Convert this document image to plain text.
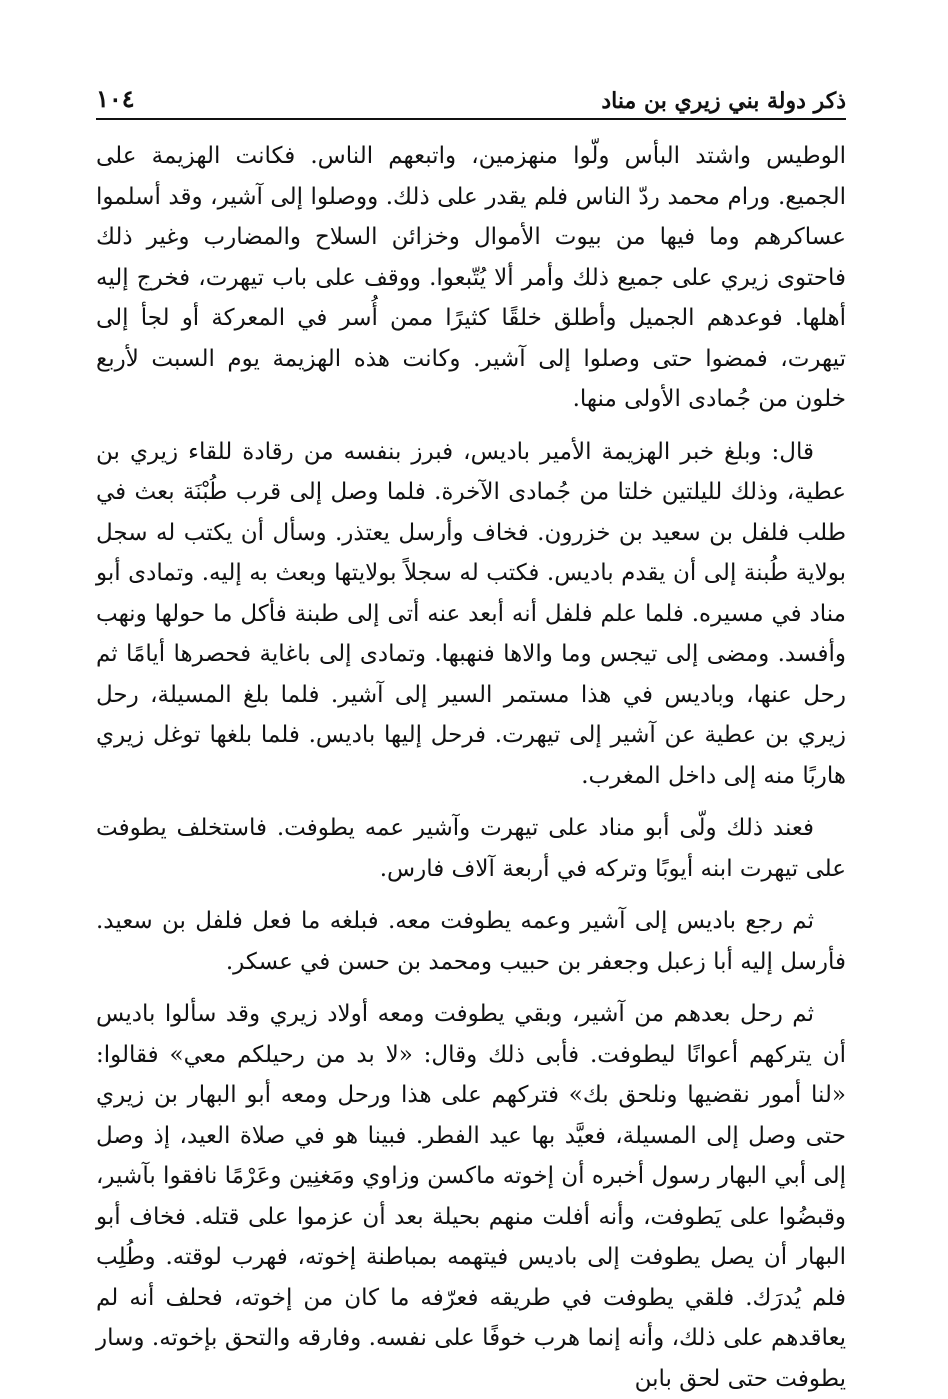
ذكر دولة بني زيري بن مناد
١٠٤

الوطيس واشتد البأس ولّوا منهزمين، واتبعهم الناس. فكانت الهزيمة على الجميع. ورام محمد ردّ الناس فلم يقدر على ذلك. ووصلوا إلى آشير، وقد أسلموا عساكرهم وما فيها من بيوت الأموال وخزائن السلاح والمضارب وغير ذلك فاحتوى زيري على جميع ذلك وأمر ألا يُتّبعوا. ووقف على باب تيهرت، فخرج إليه أهلها. فوعدهم الجميل وأطلق خلقًا كثيرًا ممن أُسر في المعركة أو لجأ إلى تيهرت، فمضوا حتى وصلوا إلى آشير. وكانت هذه الهزيمة يوم السبت لأربع خلون من جُمادى الأولى منها.

قال: وبلغ خبر الهزيمة الأمير باديس، فبرز بنفسه من رقادة للقاء زيري بن عطية، وذلك لليلتين خلتا من جُمادى الآخرة. فلما وصل إلى قرب طُبْنَة بعث في طلب فلفل بن سعيد بن خزرون. فخاف وأرسل يعتذر. وسأل أن يكتب له سجل بولاية طُبنة إلى أن يقدم باديس. فكتب له سجلاً بولايتها وبعث به إليه. وتمادى أبو مناد في مسيره. فلما علم فلفل أنه أبعد عنه أتى إلى طبنة فأكل ما حولها ونهب وأفسد. ومضى إلى تيجس وما والاها فنهبها. وتمادى إلى باغاية فحصرها أيامًا ثم رحل عنها، وباديس في هذا مستمر السير إلى آشير. فلما بلغ المسيلة، رحل زيري بن عطية عن آشير إلى تيهرت. فرحل إليها باديس. فلما بلغها توغل زيري هاربًا منه إلى داخل المغرب.

فعند ذلك ولّى أبو مناد على تيهرت وآشير عمه يطوفت. فاستخلف يطوفت على تيهرت ابنه أيوبًا وتركه في أربعة آلاف فارس.

ثم رجع باديس إلى آشير وعمه يطوفت معه. فبلغه ما فعل فلفل بن سعيد. فأرسل إليه أبا زعبل وجعفر بن حبيب ومحمد بن حسن في عسكر.

ثم رحل بعدهم من آشير، وبقي يطوفت ومعه أولاد زيري وقد سألوا باديس أن يتركهم أعوانًا ليطوفت. فأبى ذلك وقال: «لا بد من رحيلكم معي» فقالوا: «لنا أمور نقضيها ونلحق بك» فتركهم على هذا ورحل ومعه أبو البهار بن زيري حتى وصل إلى المسيلة، فعيَّد بها عيد الفطر. فبينا هو في صلاة العيد، إذ وصل إلى أبي البهار رسول أخبره أن إخوته ماكسن وزاوي ومَغنِين وعَرْمًا نافقوا بآشير، وقبضُوا على يَطوفت، وأنه أفلت منهم بحيلة بعد أن عزموا على قتله. فخاف أبو البهار أن يصل يطوفت إلى باديس فيتهمه بمباطنة إخوته، فهرب لوقته. وطُلِب فلم يُدرَك. فلقي يطوفت في طريقه فعرّفه ما كان من إخوته، فحلف أنه لم يعاقدهم على ذلك، وأنه إنما هرب خوفًا على نفسه. وفارقه والتحق بإخوته. وسار يطوفت حتى لحق بابن
